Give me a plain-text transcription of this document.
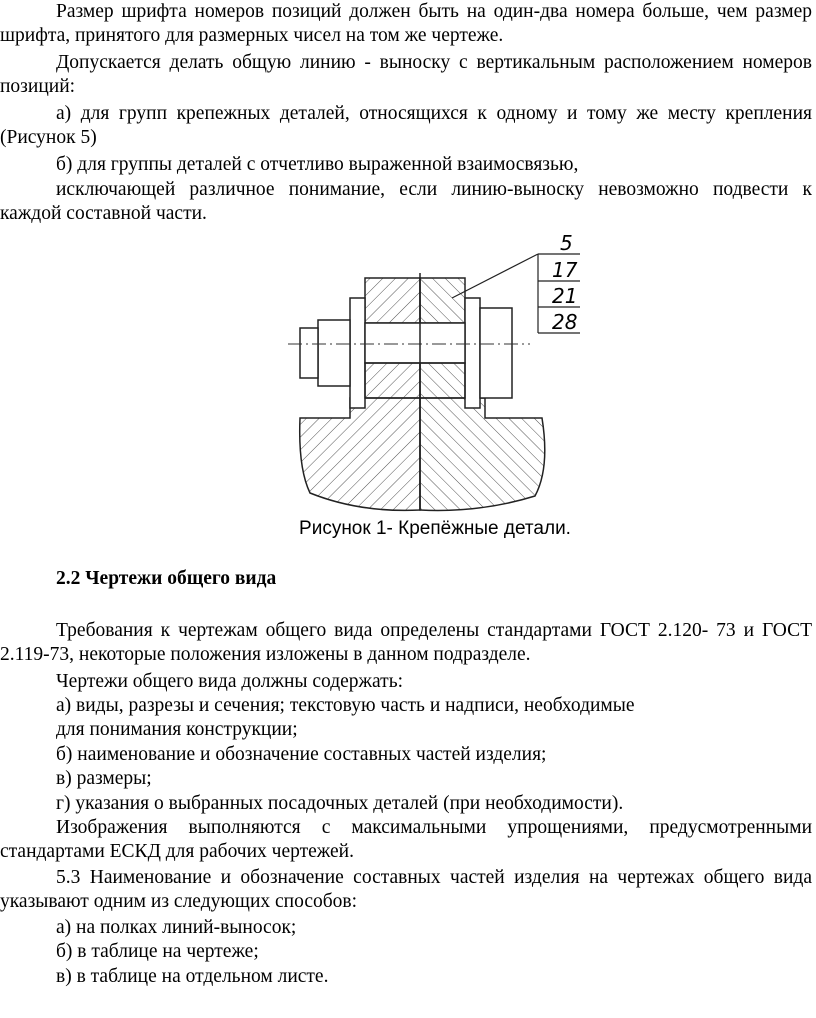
Размер шрифта номеров позиций должен быть на один-два номера больше, чем размер шрифта, принятого для размерных чисел на том же чертеже.

Допускается делать общую линию - выноску с вертикальным расположением номеров позиций:

а) для групп крепежных деталей, относящихся к одному и тому же месту крепления (Рисунок 5)

б) для группы деталей с отчетливо выраженной взаимосвязью,

исключающей различное понимание, если линию-выноску невозможно подвести к каждой составной части.

5
17
21
28

Рисунок 1- Крепёжные детали.

2.2 Чертежи общего вида

Требования к чертежам общего вида определены стандартами ГОСТ 2.120- 73 и ГОСТ 2.119-73, некоторые положения изложены в данном подразделе.

Чертежи общего вида должны содержать:

а) виды, разрезы и сечения; текстовую часть и надписи, необходимые

для понимания конструкции;

б) наименование и обозначение составных частей изделия;

в) размеры;

г) указания о выбранных посадочных деталей (при необходимости).

Изображения выполняются с максимальными упрощениями, предусмотренными стандартами ЕСКД для рабочих чертежей.

5.3 Наименование и обозначение составных частей изделия на чертежах общего вида указывают одним из следующих способов:

а) на полках линий-выносок;

б) в таблице на чертеже;

в) в таблице на отдельном листе.
